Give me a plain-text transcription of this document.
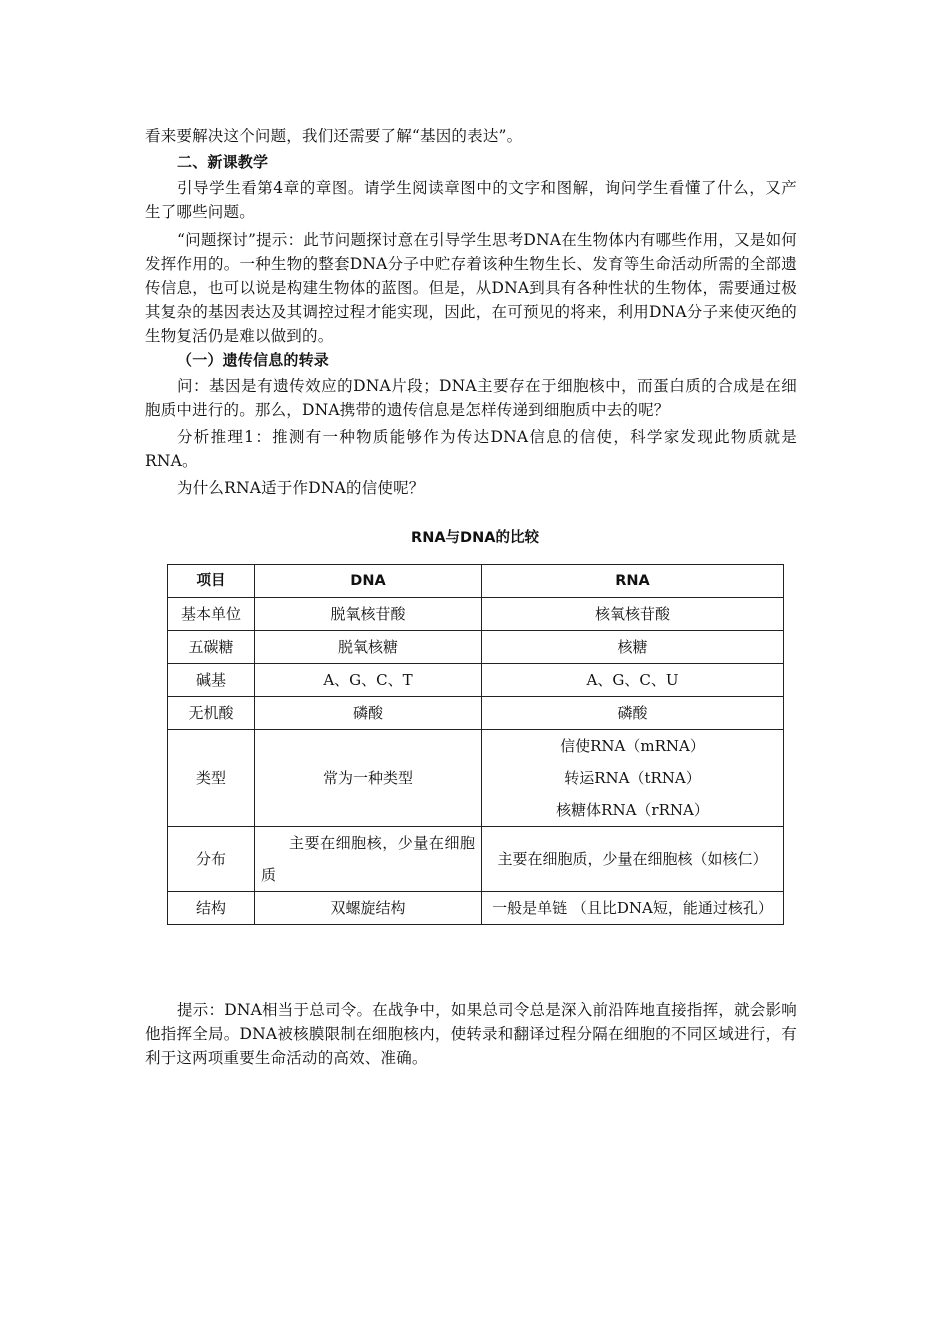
看来要解决这个问题，我们还需要了解“基因的表达”。

二、新课教学

引导学生看第4章的章图。请学生阅读章图中的文字和图解，询问学生看懂了什么，又产生了哪些问题。

“问题探讨”提示：此节问题探讨意在引导学生思考DNA在生物体内有哪些作用，又是如何发挥作用的。一种生物的整套DNA分子中贮存着该种生物生长、发育等生命活动所需的全部遗传信息，也可以说是构建生物体的蓝图。但是，从DNA到具有各种性状的生物体，需要通过极其复杂的基因表达及其调控过程才能实现，因此，在可预见的将来，利用DNA分子来使灭绝的生物复活仍是难以做到的。

（一）遗传信息的转录

问：基因是有遗传效应的DNA片段；DNA主要存在于细胞核中，而蛋白质的合成是在细胞质中进行的。那么，DNA携带的遗传信息是怎样传递到细胞质中去的呢？

分析推理1：推测有一种物质能够作为传达DNA信息的信使，科学家发现此物质就是RNA。

为什么RNA适于作DNA的信使呢？

RNA与DNA的比较
项目	DNA	RNA
基本单位	脱氧核苷酸	核氧核苷酸
五碳糖	脱氧核糖	核糖
碱基	A、G、C、T	A、G、C、U
无机酸	磷酸	磷酸
类型	常为一种类型	信使RNA（mRNA）
转运RNA（tRNA）
核糖体RNA（rRNA）

分布	主要在细胞核，少量在细胞质	主要在细胞质，少量在细胞核（如核仁）
结构	双螺旋结构	一般是单链 （且比DNA短，能通过核孔）

提示：DNA相当于总司令。在战争中，如果总司令总是深入前沿阵地直接指挥，就会影响他指挥全局。DNA被核膜限制在细胞核内，使转录和翻译过程分隔在细胞的不同区域进行，有利于这两项重要生命活动的高效、准确。
